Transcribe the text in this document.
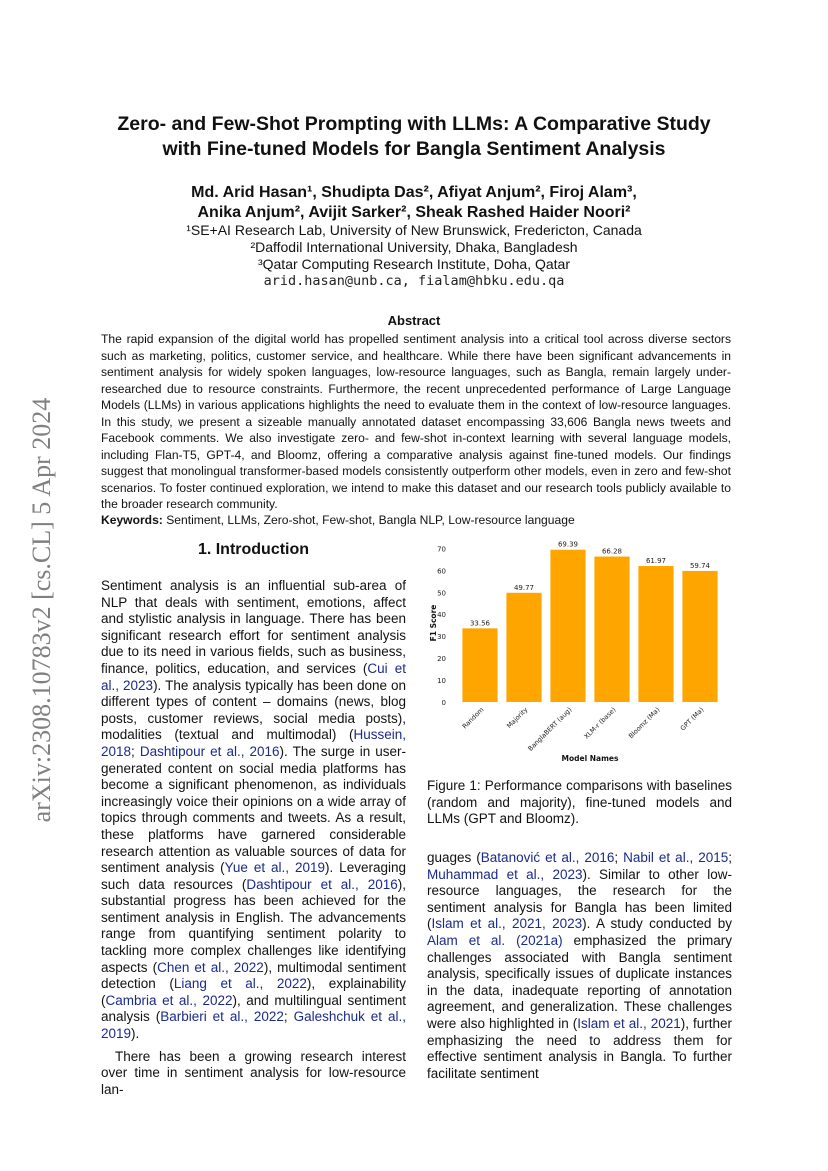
arXiv:2308.10783v2 [cs.CL] 5 Apr 2024
Zero- and Few-Shot Prompting with LLMs: A Comparative Study
with Fine-tuned Models for Bangla Sentiment Analysis
Md. Arid Hasan¹, Shudipta Das², Afiyat Anjum², Firoj Alam³,
Anika Anjum², Avijit Sarker², Sheak Rashed Haider Noori²
¹SE+AI Research Lab, University of New Brunswick, Fredericton, Canada
²Daffodil International University, Dhaka, Bangladesh
³Qatar Computing Research Institute, Doha, Qatar
arid.hasan@unb.ca, fialam@hbku.edu.qa
Abstract
The rapid expansion of the digital world has propelled sentiment analysis into a critical tool across diverse sectors such as marketing, politics, customer service, and healthcare. While there have been significant advancements in sentiment analysis for widely spoken languages, low-resource languages, such as Bangla, remain largely under-researched due to resource constraints. Furthermore, the recent unprecedented performance of Large Language Models (LLMs) in various applications highlights the need to evaluate them in the context of low-resource languages. In this study, we present a sizeable manually annotated dataset encompassing 33,606 Bangla news tweets and Facebook comments. We also investigate zero- and few-shot in-context learning with several language models, including Flan-T5, GPT-4, and Bloomz, offering a comparative analysis against fine-tuned models. Our findings suggest that monolingual transformer-based models consistently outperform other models, even in zero and few-shot scenarios. To foster continued exploration, we intend to make this dataset and our research tools publicly available to the broader research community.
Keywords: Sentiment, LLMs, Zero-shot, Few-shot, Bangla NLP, Low-resource language
1. Introduction

Sentiment analysis is an influential sub-area of NLP that deals with sentiment, emotions, affect and stylistic analysis in language. There has been significant research effort for sentiment analysis due to its need in various fields, such as business, finance, politics, education, and services (Cui et al., 2023). The analysis typically has been done on different types of content – domains (news, blog posts, customer reviews, social media posts), modalities (textual and multimodal) (Hussein, 2018; Dashtipour et al., 2016). The surge in user-generated content on social media platforms has become a significant phenomenon, as individuals increasingly voice their opinions on a wide array of topics through comments and tweets. As a result, these platforms have garnered considerable research attention as valuable sources of data for sentiment analysis (Yue et al., 2019). Leveraging such data resources (Dashtipour et al., 2016), substantial progress has been achieved for the sentiment analysis in English. The advancements range from quantifying sentiment polarity to tackling more complex challenges like identifying aspects (Chen et al., 2022), multimodal sentiment detection (Liang et al., 2022), explainability (Cambria et al., 2022), and multilingual sentiment analysis (Barbieri et al., 2022; Galeshchuk et al., 2019).

There has been a growing research interest over time in sentiment analysis for low-resource lan-

0
10
20
30
40
50
60
70
F1 Score
Model Names
33.56
Random
49.77
Majority
69.39
BanglaBERT (aug)
66.28
XLM-r (base)
61.97
Bloomz (Ma)
59.74
GPT (Ma)
Figure 1: Performance comparisons with baselines (random and majority), fine-tuned models and LLMs (GPT and Bloomz).
guages (Batanović et al., 2016; Nabil et al., 2015; Muhammad et al., 2023). Similar to other low-resource languages, the research for the sentiment analysis for Bangla has been limited (Islam et al., 2021, 2023). A study conducted by Alam et al. (2021a) emphasized the primary challenges associated with Bangla sentiment analysis, specifically issues of duplicate instances in the data, inadequate reporting of annotation agreement, and generalization. These challenges were also highlighted in (Islam et al., 2021), further emphasizing the need to address them for effective sentiment analysis in Bangla. To further facilitate sentiment
